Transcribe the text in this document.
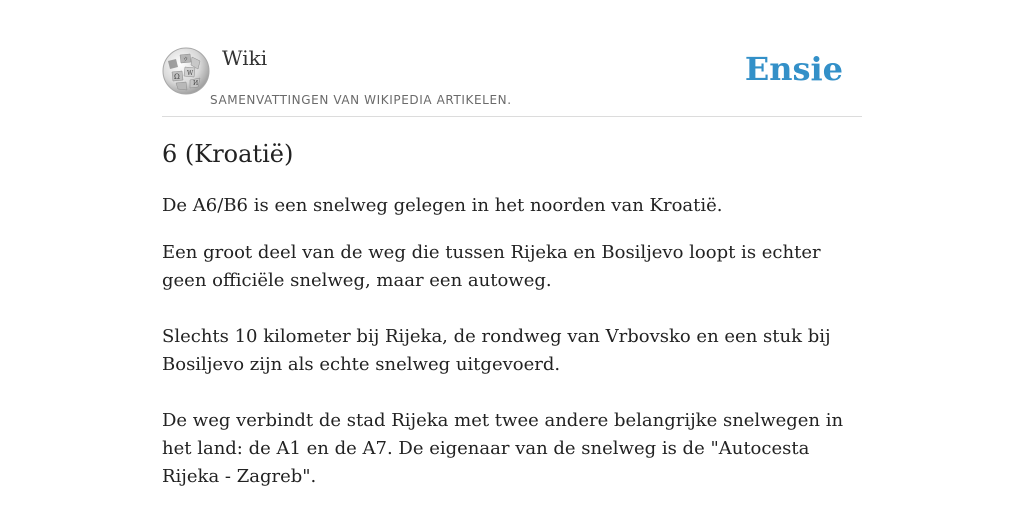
Ω W
И
ウ Wiki
SAMENVATTINGEN VAN WIKIPEDIA ARTIKELEN.
Ensie
6 (Kroatië)

De A6/B6 is een snelweg gelegen in het noorden van Kroatië.

Een groot deel van de weg die tussen Rijeka en Bosiljevo loopt is echter geen officiële snelweg, maar een autoweg.

Slechts 10 kilometer bij Rijeka, de rondweg van Vrbovsko en een stuk bij Bosiljevo zijn als echte snelweg uitgevoerd.

De weg verbindt de stad Rijeka met twee andere belangrijke snelwegen in het land: de A1 en de A7. De eigenaar van de snelweg is de "Autocesta Rijeka - Zagreb".
